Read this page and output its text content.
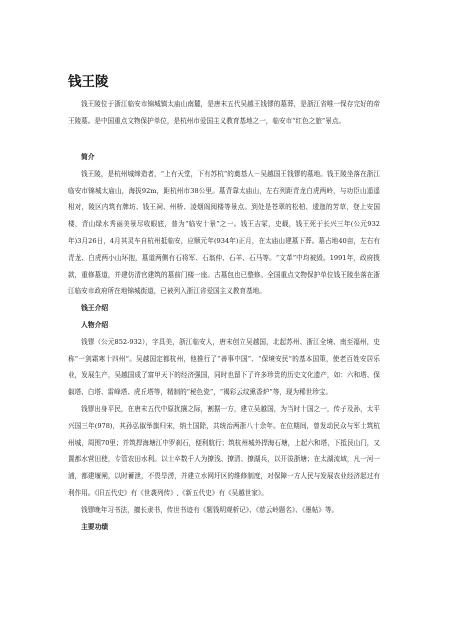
钱王陵

钱王陵位于浙江临安市锦城镇太庙山南麓，是唐末五代吴越王钱镠的墓葬，是浙江省唯一保存完好的帝王陵墓。是中国重点文物保护单位，是杭州市爱国主义教育基地之一，临安市“红色之旅”景点。

简介

钱王陵，是杭州城缔造者，“上有天堂，下有苏杭”的奠基人－吴越国王钱镠的墓地。钱王陵坐落在浙江临安市锦城太庙山，海拔92m，距杭州市38公里。墓背靠太庙山，左右列距青龙白虎两岭，与功臣山遥遥相对，陵区内筑有牌坊、钱王祠、州桥、凌烟阁阅楼等景点。到处是苍翠的松柏、逶迤的芳草，登上安国楼，青山绿水秀丽美景尽收眼底，普为“临安十景”之一。钱王吉冢，史载，钱王死于长兴三年(公元932年)3月26日，4月其灵车自杭州抵临安，应顺元年(934年)正月，在太庙山建墓下葬。墓占地40亩，左右有青龙、白虎两小山环抱，墓道两侧有石将军、石翁仲、石羊、石马等。“文革”中均被毁。1991年，政府拨款，重修墓道，并建仿清官建筑的墓前门楼一座。古墓包也已整修。全国重点文物保护单位钱王陵坐落在浙江临安市政府所在地锦城街道，已被列入浙江省爱国主义教育基地。

钱王介绍
人物介绍

钱镠（公元852-932），字具美，浙江临安人，唐末创立吴越国，北起苏州、浙江全境、南至福州，史称“一剑霜寒十四州”。吴越国定都杭州，他推行了“善事中国”、“保境安民”的基本国策，使老百姓安居乐业，发展生产，吴越国成了富甲天下的经济强国，同时也留下了许多珍贵的历史文化遗产，如：六和塔、保俶塔、白塔、雷峰塔、虎丘塔等，精制的“秘色瓷”，“褐彩云纹熏香炉”等，现为稀世珍宝。

钱镠出身平民，在唐末五代中原扰攘之际，割据一方，建立吴越国，为当时十国之一，传子及孙，太平兴国三年(978)，其孙弘俶举旗归宋，纳土国除，共统治两浙八十余年。在位期间，曾发动民众与军士筑杭州城，周围70里；并筑捍海塘江中罗刹石，便利航行；筑杭州城外捍海石塘，上起六和塔，下抵艮山门，又置都水营田使，专管农田水利。以士卒数千人为撩浅、撩清、撩湖兵，以开浚浙塘；在太湖流域，凡一河一浦，都建堰闸，以时蓄泄，不畏旱涝，并建立水网圩区的维修制度，对保障一方人民与发展农业经济起过有利作用。《旧五代史》有《世袭列传》,《新五代史》有《吴越世家》。

钱镠晚年习书法，擅长隶书，传世书迹有《题钱明观析记》、《慈云岭题名》、《墨帖》等。

主要功绩
